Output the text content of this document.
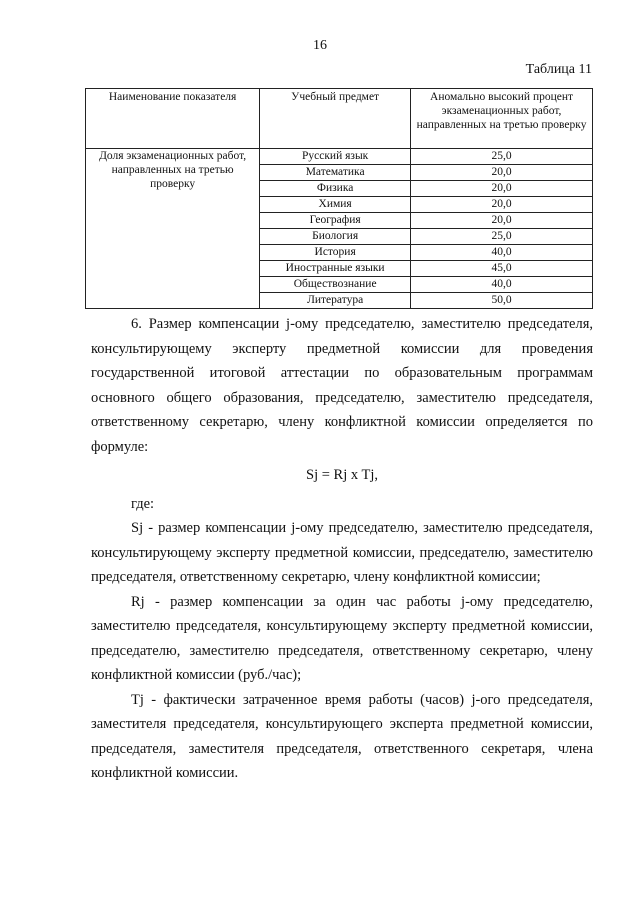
16
Таблица 11
Наименование показателя	Учебный предмет	Аномально высокий процент экзаменационных работ, направленных на третью проверку
Доля экзаменационных работ, направленных на третью проверку	Русский язык	25,0
	Математика	20,0
	Физика	20,0
	Химия	20,0
	География	20,0
	Биология	25,0
	История	40,0
	Иностранные языки	45,0
	Обществознание	40,0
	Литература	50,0

6. Размер компенсации j-ому председателю, заместителю председателя, консультирующему эксперту предметной комиссии для проведения государственной итоговой аттестации по образовательным программам основного общего образования, председателю, заместителю председателя, ответственному секретарю, члену конфликтной комиссии определяется по формуле:

Sj = Rj x Tj,

где:

Sj - размер компенсации j-ому председателю, заместителю председателя, консультирующему эксперту предметной комиссии, председателю, заместителю председателя, ответственному секретарю, члену конфликтной комиссии;

Rj - размер компенсации за один час работы j-ому председателю, заместителю председателя, консультирующему эксперту предметной комиссии, председателю, заместителю председателя, ответственному секретарю, члену конфликтной комиссии (руб./час);

Tj - фактически затраченное время работы (часов) j-ого председателя, заместителя председателя, консультирующего эксперта предметной комиссии, председателя, заместителя председателя, ответственного секретаря, члена конфликтной комиссии.
